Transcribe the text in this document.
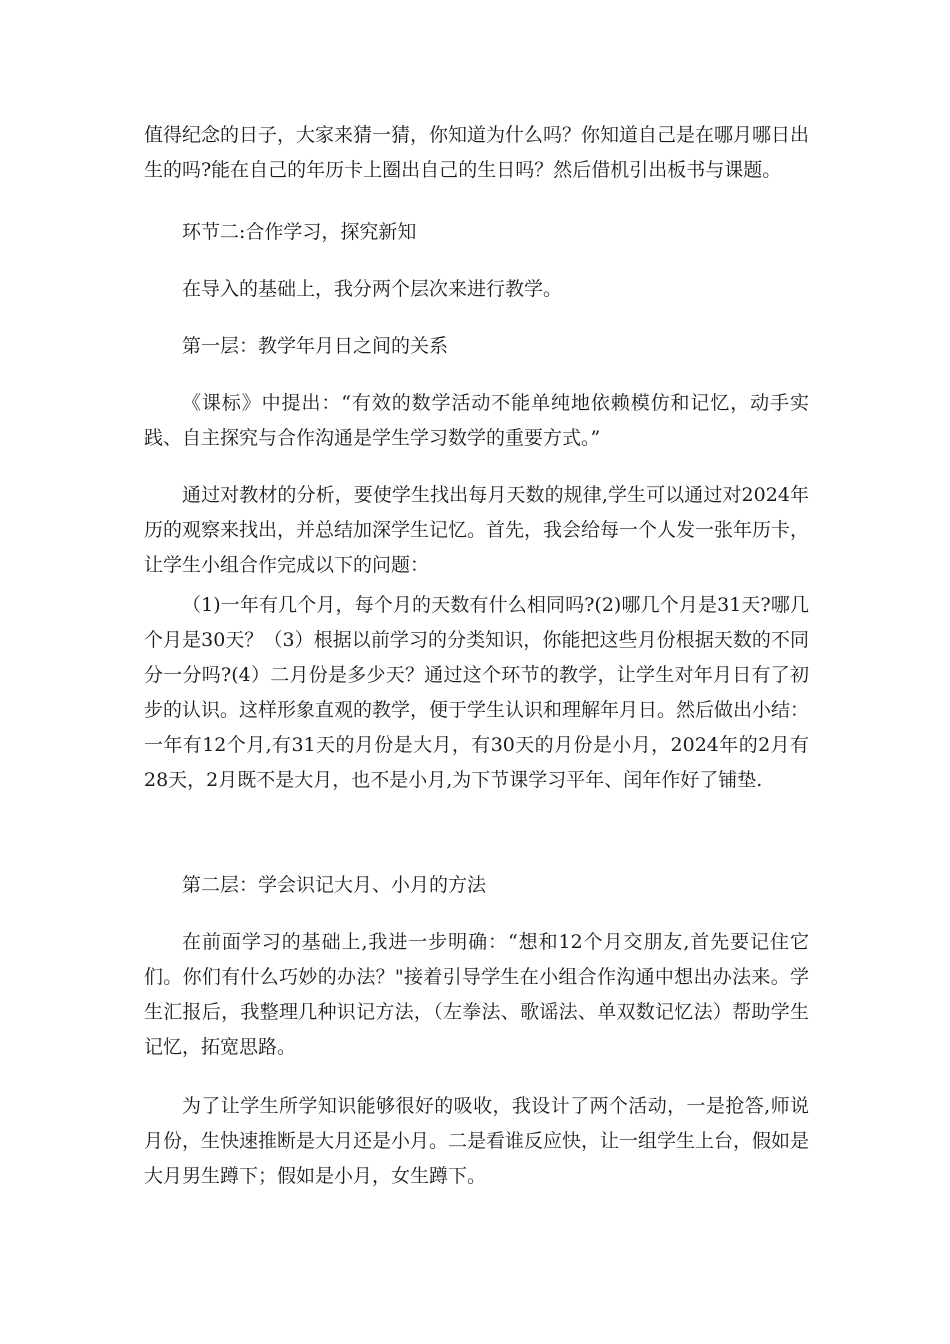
值得纪念的日子，大家来猜一猜，你知道为什么吗？你知道自己是在哪月哪日出生的吗?能在自己的年历卡上圈出自己的生日吗？然后借机引出板书与课题。

环节二:合作学习，探究新知

在导入的基础上，我分两个层次来进行教学。

第一层：教学年月日之间的关系

《课标》中提出：“有效的数学活动不能单纯地依赖模仿和记忆，动手实践、自主探究与合作沟通是学生学习数学的重要方式。”

通过对教材的分析，要使学生找出每月天数的规律,学生可以通过对2024年历的观察来找出，并总结加深学生记忆。首先，我会给每一个人发一张年历卡，让学生小组合作完成以下的问题：

（1)一年有几个月，每个月的天数有什么相同吗?(2)哪几个月是31天?哪几个月是30天？（3）根据以前学习的分类知识，你能把这些月份根据天数的不同分一分吗?(4）二月份是多少天？通过这个环节的教学，让学生对年月日有了初步的认识。这样形象直观的教学，便于学生认识和理解年月日。然后做出小结：一年有12个月,有31天的月份是大月，有30天的月份是小月，2024年的2月有28天，2月既不是大月，也不是小月,为下节课学习平年、闰年作好了铺垫.

第二层：学会识记大月、小月的方法

在前面学习的基础上,我进一步明确：“想和12个月交朋友,首先要记住它们。你们有什么巧妙的办法？"接着引导学生在小组合作沟通中想出办法来。学生汇报后，我整理几种识记方法，（左拳法、歌谣法、单双数记忆法）帮助学生记忆，拓宽思路。

为了让学生所学知识能够很好的吸收，我设计了两个活动，一是抢答,师说月份，生快速推断是大月还是小月。二是看谁反应快，让一组学生上台，假如是大月男生蹲下；假如是小月，女生蹲下。
